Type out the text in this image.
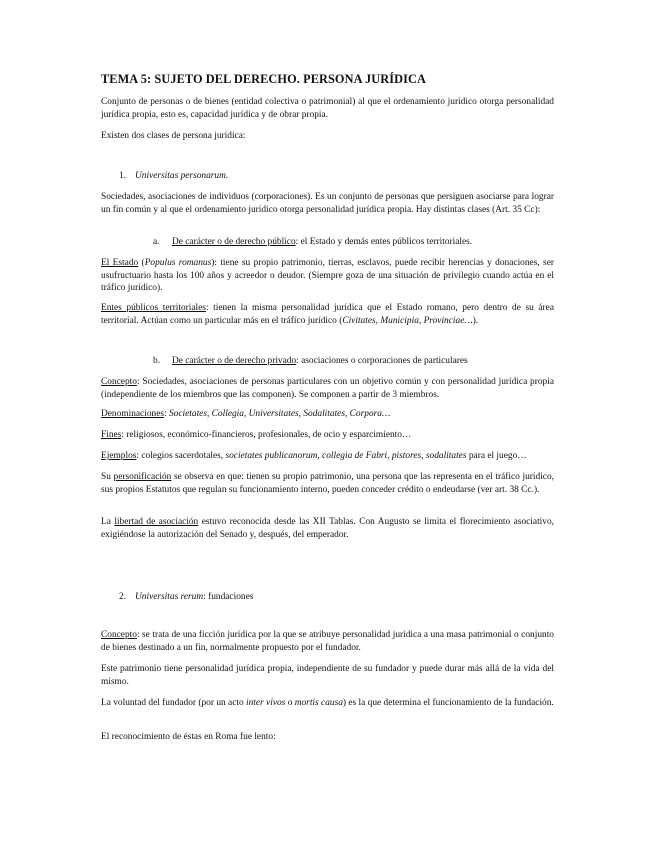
TEMA 5: SUJETO DEL DERECHO. PERSONA JURÍDICA

Conjunto de personas o de bienes (entidad colectiva o patrimonial) al que el ordenamiento jurídico otorga personalidad jurídica propia, esto es, capacidad jurídica y de obrar propia.

Existen dos clases de persona jurídica:

1. Universitas personarum.

Sociedades, asociaciones de individuos (corporaciones). Es un conjunto de personas que persiguen asociarse para lograr un fin común y al que el ordenamiento jurídico otorga personalidad jurídica propia. Hay distintas clases (Art. 35 Cc):

a. De carácter o de derecho público: el Estado y demás entes públicos territoriales.

El Estado (Populus romanus): tiene su propio patrimonio, tierras, esclavos, puede recibir herencias y donaciones, ser usufructuario hasta los 100 años y acreedor o deudor. (Siempre goza de una situación de privilegio cuando actúa en el tráfico jurídico).

Entes públicos territoriales: tienen la misma personalidad jurídica que el Estado romano, pero dentro de su área territorial. Actúan como un particular más en el tráfico jurídico (Civitates, Municipia, Provinciae…).

b. De carácter o de derecho privado: asociaciones o corporaciones de particulares

Concepto: Sociedades, asociaciones de personas particulares con un objetivo común y con personalidad jurídica propia (independiente de los miembros que las componen). Se componen a partir de 3 miembros.

Denominaciones: Societates, Collegia, Universitates, Sodalitates, Corpora…

Fines: religiosos, económico-financieros, profesionales, de ocio y esparcimiento…

Ejemplos: colegios sacerdotales, societates publicanorum, collegia de Fabri, pistores, sodalitates para el juego…

Su personificación se observa en que: tienen su propio patrimonio, una persona que las representa en el tráfico jurídico, sus propios Estatutos que regulan su funcionamiento interno, pueden conceder crédito o endeudarse (ver art. 38 Cc.).

La libertad de asociación estuvo reconocida desde las XII Tablas. Con Augusto se limita el florecimiento asociativo, exigiéndose la autorización del Senado y, después, del emperador.

2. Universitas rerum: fundaciones

Concepto: se trata de una ficción jurídica por la que se atribuye personalidad jurídica a una masa patrimonial o conjunto de bienes destinado a un fin, normalmente propuesto por el fundador.

Este patrimonio tiene personalidad jurídica propia, independiente de su fundador y puede durar más allá de la vida del mismo.

La voluntad del fundador (por un acto inter vivos o mortis causa) es la que determina el funcionamiento de la fundación.

El reconocimiento de éstas en Roma fue lento:
